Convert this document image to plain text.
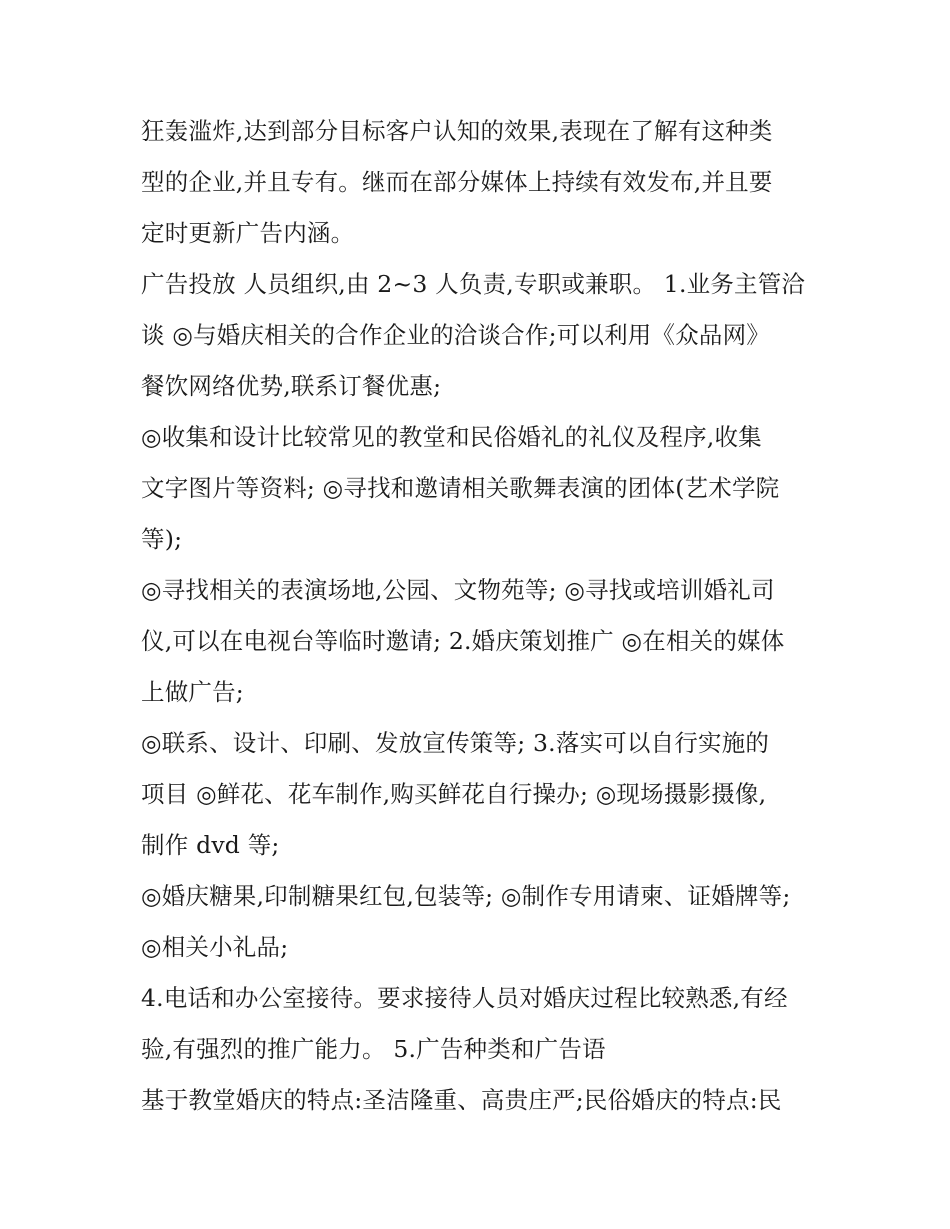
狂轰滥炸,达到部分目标客户认知的效果,表现在了解有这种类
型的企业,并且专有。继而在部分媒体上持续有效发布,并且要
定时更新广告内涵。
广告投放 人员组织,由 2~3 人负责,专职或兼职。 1.业务主管洽
谈 ◎与婚庆相关的合作企业的洽谈合作;可以利用《众品网》
餐饮网络优势,联系订餐优惠;
◎收集和设计比较常见的教堂和民俗婚礼的礼仪及程序,收集
文字图片等资料; ◎寻找和邀请相关歌舞表演的团体(艺术学院
等);
◎寻找相关的表演场地,公园、文物苑等; ◎寻找或培训婚礼司
仪,可以在电视台等临时邀请; 2.婚庆策划推广 ◎在相关的媒体
上做广告;
◎联系、设计、印刷、发放宣传策等; 3.落实可以自行实施的
项目 ◎鲜花、花车制作,购买鲜花自行操办; ◎现场摄影摄像,
制作 dvd 等;
◎婚庆糖果,印制糖果红包,包装等; ◎制作专用请柬、证婚牌等;
◎相关小礼品;
4.电话和办公室接待。要求接待人员对婚庆过程比较熟悉,有经
验,有强烈的推广能力。 5.广告种类和广告语
基于教堂婚庆的特点:圣洁隆重、高贵庄严;民俗婚庆的特点:民
